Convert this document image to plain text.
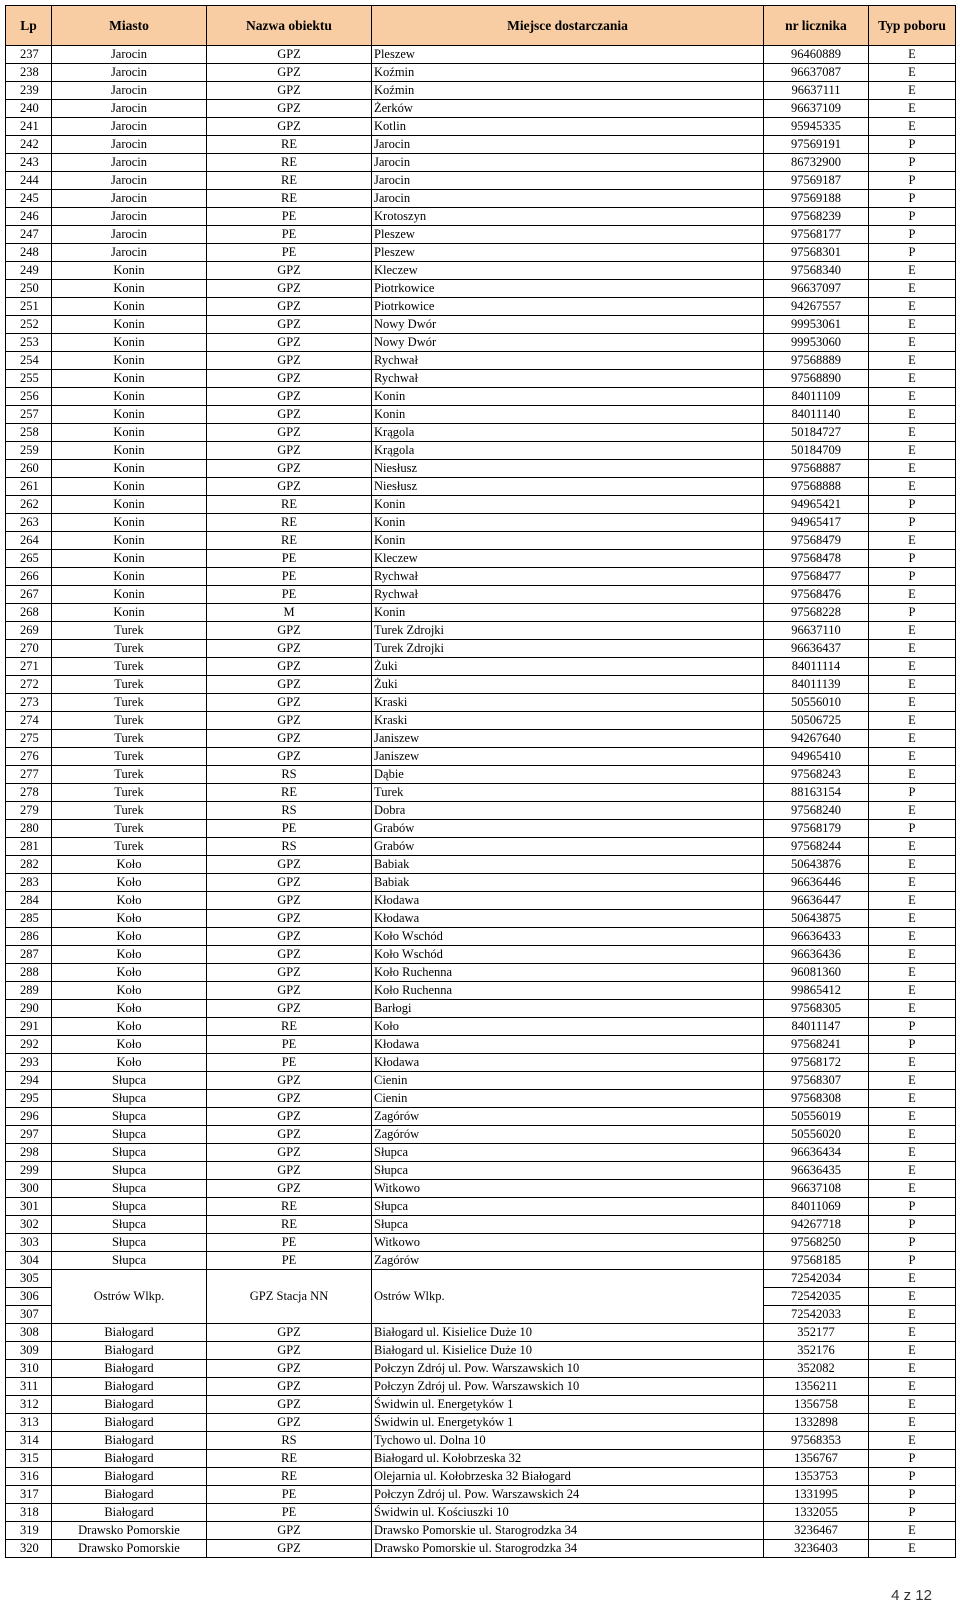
Lp	Miasto	Nazwa obiektu	Miejsce dostarczania	nr licznika	Typ poboru
237	Jarocin	GPZ	Pleszew	96460889	E
238	Jarocin	GPZ	Koźmin	96637087	E
239	Jarocin	GPZ	Koźmin	96637111	E
240	Jarocin	GPZ	Żerków	96637109	E
241	Jarocin	GPZ	Kotlin	95945335	E
242	Jarocin	RE	Jarocin	97569191	P
243	Jarocin	RE	Jarocin	86732900	P
244	Jarocin	RE	Jarocin	97569187	P
245	Jarocin	RE	Jarocin	97569188	P
246	Jarocin	PE	Krotoszyn	97568239	P
247	Jarocin	PE	Pleszew	97568177	P
248	Jarocin	PE	Pleszew	97568301	P
249	Konin	GPZ	Kleczew	97568340	E
250	Konin	GPZ	Piotrkowice	96637097	E
251	Konin	GPZ	Piotrkowice	94267557	E
252	Konin	GPZ	Nowy Dwór	99953061	E
253	Konin	GPZ	Nowy Dwór	99953060	E
254	Konin	GPZ	Rychwał	97568889	E
255	Konin	GPZ	Rychwał	97568890	E
256	Konin	GPZ	Konin	84011109	E
257	Konin	GPZ	Konin	84011140	E
258	Konin	GPZ	Krągola	50184727	E
259	Konin	GPZ	Krągola	50184709	E
260	Konin	GPZ	Niesłusz	97568887	E
261	Konin	GPZ	Niesłusz	97568888	E
262	Konin	RE	Konin	94965421	P
263	Konin	RE	Konin	94965417	P
264	Konin	RE	Konin	97568479	E
265	Konin	PE	Kleczew	97568478	P
266	Konin	PE	Rychwał	97568477	P
267	Konin	PE	Rychwał	97568476	E
268	Konin	M	Konin	97568228	P
269	Turek	GPZ	Turek Zdrojki	96637110	E
270	Turek	GPZ	Turek Zdrojki	96636437	E
271	Turek	GPZ	Żuki	84011114	E
272	Turek	GPZ	Żuki	84011139	E
273	Turek	GPZ	Kraski	50556010	E
274	Turek	GPZ	Kraski	50506725	E
275	Turek	GPZ	Janiszew	94267640	E
276	Turek	GPZ	Janiszew	94965410	E
277	Turek	RS	Dąbie	97568243	E
278	Turek	RE	Turek	88163154	P
279	Turek	RS	Dobra	97568240	E
280	Turek	PE	Grabów	97568179	P
281	Turek	RS	Grabów	97568244	E
282	Koło	GPZ	Babiak	50643876	E
283	Koło	GPZ	Babiak	96636446	E
284	Koło	GPZ	Kłodawa	96636447	E
285	Koło	GPZ	Kłodawa	50643875	E
286	Koło	GPZ	Koło Wschód	96636433	E
287	Koło	GPZ	Koło Wschód	96636436	E
288	Koło	GPZ	Koło Ruchenna	96081360	E
289	Koło	GPZ	Koło Ruchenna	99865412	E
290	Koło	GPZ	Barłogi	97568305	E
291	Koło	RE	Koło	84011147	P
292	Koło	PE	Kłodawa	97568241	P
293	Koło	PE	Kłodawa	97568172	E
294	Słupca	GPZ	Cienin	97568307	E
295	Słupca	GPZ	Cienin	97568308	E
296	Słupca	GPZ	Zagórów	50556019	E
297	Słupca	GPZ	Zagórów	50556020	E
298	Słupca	GPZ	Słupca	96636434	E
299	Słupca	GPZ	Słupca	96636435	E
300	Słupca	GPZ	Witkowo	96637108	E
301	Słupca	RE	Słupca	84011069	P
302	Słupca	RE	Słupca	94267718	P
303	Słupca	PE	Witkowo	97568250	P
304	Słupca	PE	Zagórów	97568185	P
305	Ostrów Wlkp.	GPZ Stacja NN	Ostrów Wlkp.	72542034	E
306				72542035	E
307				72542033	E
308	Białogard	GPZ	Białogard ul. Kisielice Duże 10	352177	E
309	Białogard	GPZ	Białogard ul. Kisielice Duże 10	352176	E
310	Białogard	GPZ	Połczyn Zdrój ul. Pow. Warszawskich 10	352082	E
311	Białogard	GPZ	Połczyn Zdrój ul. Pow. Warszawskich 10	1356211	E
312	Białogard	GPZ	Świdwin ul. Energetyków 1	1356758	E
313	Białogard	GPZ	Świdwin ul. Energetyków 1	1332898	E
314	Białogard	RS	Tychowo ul. Dolna 10	97568353	E
315	Białogard	RE	Białogard ul. Kołobrzeska 32	1356767	P
316	Białogard	RE	Olejarnia ul. Kołobrzeska 32 Białogard	1353753	P
317	Białogard	PE	Połczyn Zdrój ul. Pow. Warszawskich 24	1331995	P
318	Białogard	PE	Świdwin ul. Kościuszki 10	1332055	P
319	Drawsko Pomorskie	GPZ	Drawsko Pomorskie ul. Starogrodzka 34	3236467	E
320	Drawsko Pomorskie	GPZ	Drawsko Pomorskie ul. Starogrodzka 34	3236403	E
4 z 12
